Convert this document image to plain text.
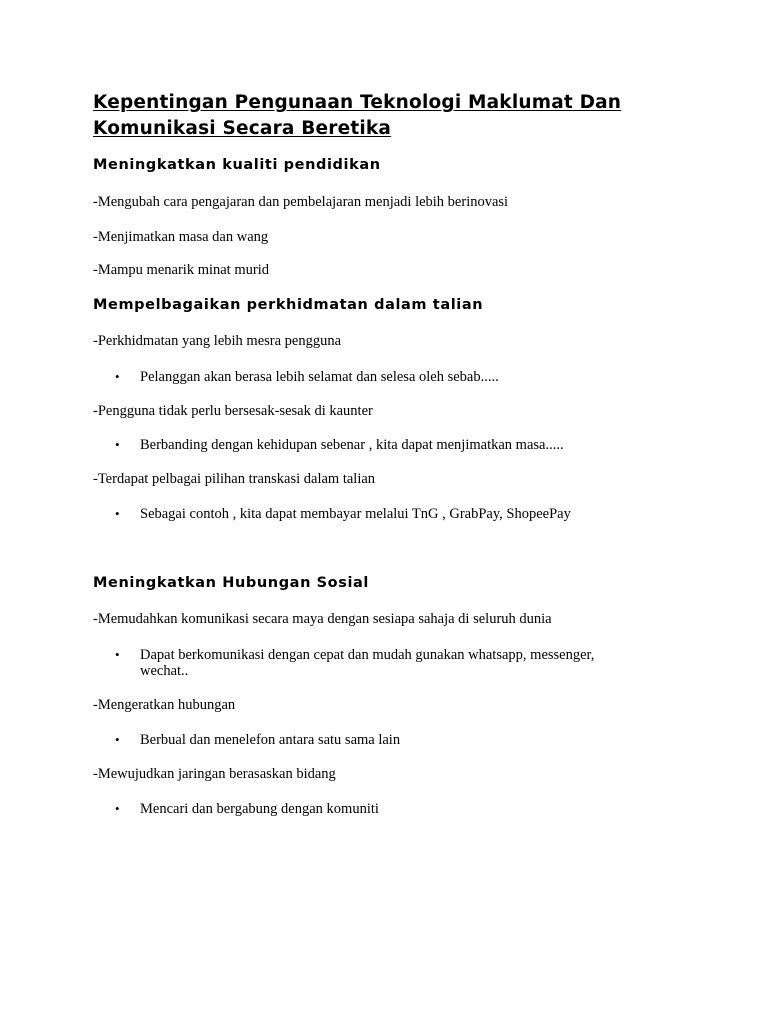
Kepentingan Pengunaan Teknologi Maklumat Dan Komunikasi Secara Beretika
Meningkatkan kualiti pendidikan
-Mengubah cara pengajaran dan pembelajaran menjadi lebih berinovasi
-Menjimatkan masa dan wang
-Mampu menarik minat murid
Mempelbagaikan perkhidmatan dalam talian
-Perkhidmatan yang lebih mesra pengguna
•	Pelanggan akan berasa lebih selamat dan selesa oleh sebab.....
-Pengguna tidak perlu bersesak-sesak di kaunter
•	Berbanding dengan kehidupan sebenar , kita dapat menjimatkan masa.....
-Terdapat pelbagai pilihan transkasi dalam talian
•	Sebagai contoh , kita dapat membayar melalui TnG , GrabPay, ShopeePay
Meningkatkan Hubungan Sosial
-Memudahkan komunikasi secara maya dengan sesiapa sahaja di seluruh dunia
•	Dapat berkomunikasi dengan cepat dan mudah gunakan whatsapp, messenger, wechat..
-Mengeratkan hubungan
•	Berbual dan menelefon antara satu sama lain
-Mewujudkan jaringan berasaskan bidang
•	Mencari dan bergabung dengan komuniti
